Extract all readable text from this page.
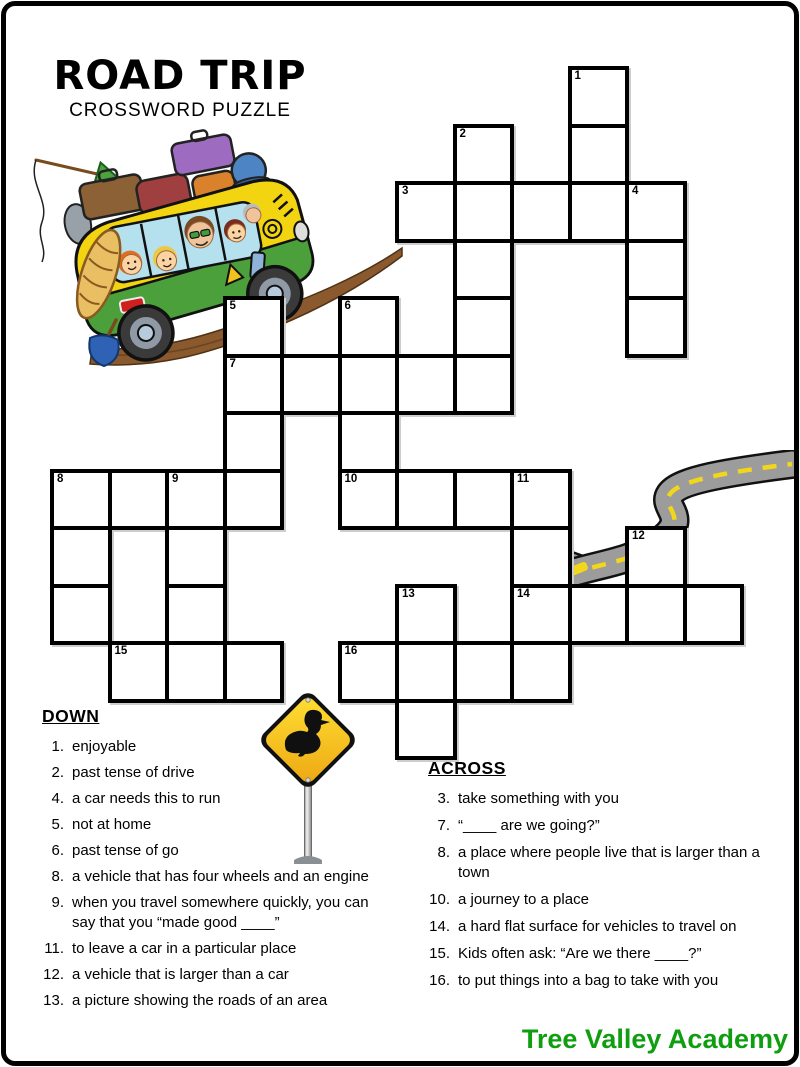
ROAD TRIP
CROSSWORD PUZZLE
1
2
3	4
5	6
7
8	9	10	11
12
13	14
15	16
DOWN
1. enjoyable
2. past tense of drive
4. a car needs this to run
5. not at home
6. past tense of go
8. a vehicle that has four wheels and an engine
9. when you travel somewhere quickly, you can say that you “made good ____”
11. to leave a car in a particular place
12. a vehicle that is larger than a car
13. a picture showing the roads of an area
ACROSS
3. take something with you
7. “____ are we going?”
8. a place where people live that is larger than a town
10. a journey to a place
14. a hard flat surface for vehicles to travel on
15. Kids often ask: “Are we there ____?”
16. to put things into a bag to take with you
Tree Valley Academy
